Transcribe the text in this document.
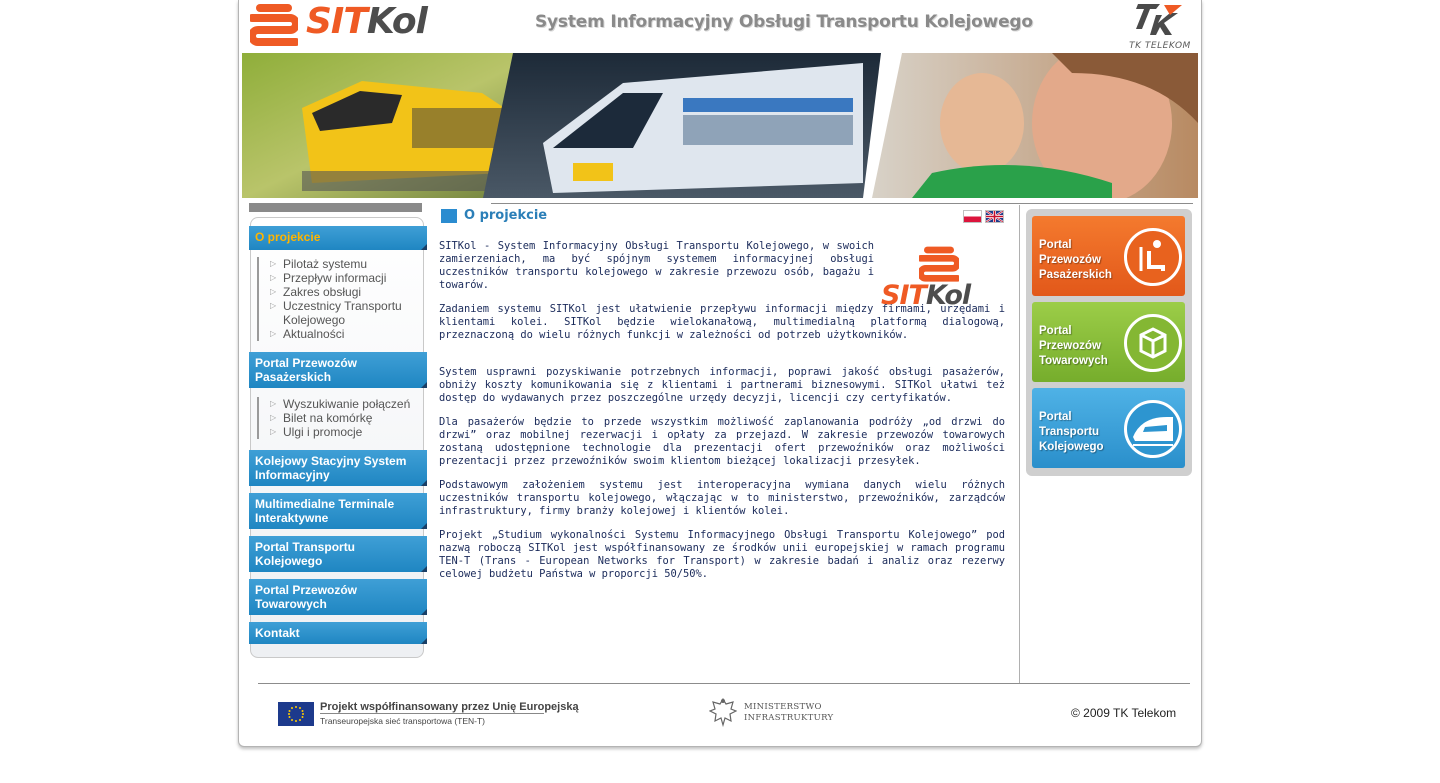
SITKol	System Informacyjny Obsługi Transportu Kolejowego
TK TELEKOM
O projekcie
▷ Pilotaż systemu
▷ Przepływ informacji
▷ Zakres obsługi
▷ Uczestnicy Transportu
Kolejowego
▷ Aktualności
Portal Przewozów
Pasażerskich
▷ Wyszukiwanie połączeń
▷ Bilet na komórkę
▷ Ulgi i promocje
Kolejowy Stacyjny System
Informacyjny
Multimedialne Terminale
Interaktywne
Portal Transportu
Kolejowego
Portal Przewozów
Towarowych
Kontakt
O projekcie
SITKol

SITKol - System Informacyjny Obsługi Transportu Kolejowego, w swoich zamierzeniach, ma być spójnym systemem informacyjnej obsługi uczestników transportu kolejowego w zakresie przewozu osób, bagażu i towarów.

Zadaniem systemu SITKol jest ułatwienie przepływu informacji między firmami, urzędami i klientami kolei. SITKol będzie wielokanałową, multimedialną platformą dialogową, przeznaczoną do wielu różnych funkcji w zależności od potrzeb użytkowników.

System usprawni pozyskiwanie potrzebnych informacji, poprawi jakość obsługi pasażerów, obniży koszty komunikowania się z klientami i partnerami biznesowymi. SITKol ułatwi też dostęp do wydawanych przez poszczególne urzędy decyzji, licencji czy certyfikatów.

Dla pasażerów będzie to przede wszystkim możliwość zaplanowania podróży „od drzwi do drzwi” oraz mobilnej rezerwacji i opłaty za przejazd. W zakresie przewozów towarowych zostaną udostępnione technologie dla prezentacji ofert przewoźników oraz możliwości prezentacji przez przewoźników swoim klientom bieżącej lokalizacji przesyłek.

Podstawowym założeniem systemu jest interoperacyjna wymiana danych wielu różnych uczestników transportu kolejowego, włączając w to ministerstwo, przewoźników, zarządców infrastruktury, firmy branży kolejowej i klientów kolei.

Projekt „Studium wykonalności Systemu Informacyjnego Obsługi Transportu Kolejowego” pod nazwą roboczą SITKol jest współfinansowany ze środków unii europejskiej w ramach programu TEN-T (Trans - European Networks for Transport) w zakresie badań i analiz oraz rezerwy celowej budżetu Państwa w proporcji 50/50%.

Portal
Przewozów
Pasażerskich
Portal
Przewozów
Towarowych
Portal
Transportu
Kolejowego
Projekt współfinansowany przez Unię Europejską
Transeuropejska sieć transportowa (TEN-T)
MINISTERSTWO
INFRASTRUKTURY	© 2009 TK Telekom
